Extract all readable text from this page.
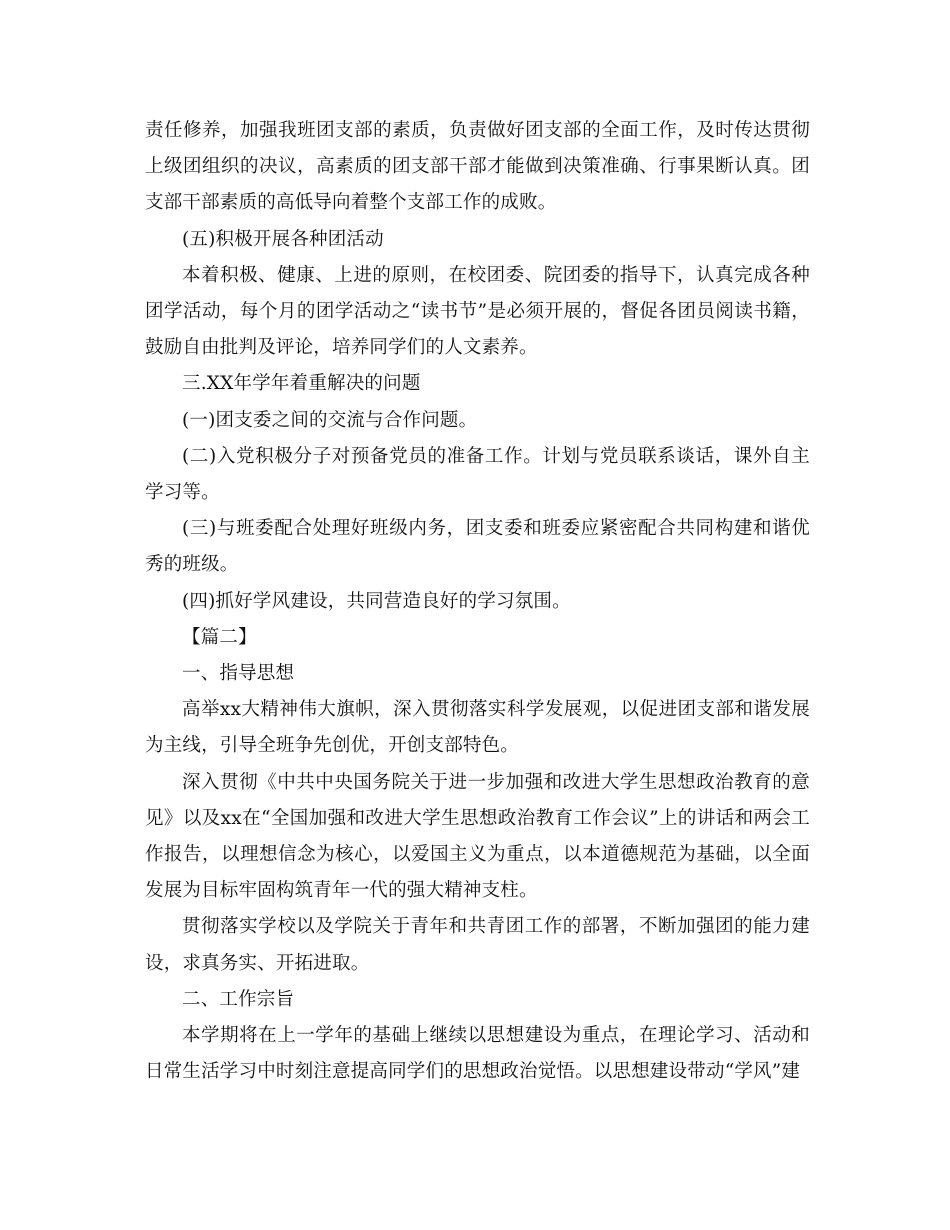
责任修养，加强我班团支部的素质，负责做好团支部的全面工作，及时传达贯彻上级团组织的决议，高素质的团支部干部才能做到决策准确、行事果断认真。团支部干部素质的高低导向着整个支部工作的成败。

(五)积极开展各种团活动

本着积极、健康、上进的原则，在校团委、院团委的指导下，认真完成各种团学活动，每个月的团学活动之“读书节”是必须开展的，督促各团员阅读书籍，鼓励自由批判及评论，培养同学们的人文素养。

三.XX年学年着重解决的问题

(一)团支委之间的交流与合作问题。

(二)入党积极分子对预备党员的准备工作。计划与党员联系谈话，课外自主学习等。

(三)与班委配合处理好班级内务，团支委和班委应紧密配合共同构建和谐优秀的班级。

(四)抓好学风建设，共同营造良好的学习氛围。

【篇二】

一、指导思想

高举xx大精神伟大旗帜，深入贯彻落实科学发展观，以促进团支部和谐发展为主线，引导全班争先创优，开创支部特色。

深入贯彻《中共中央国务院关于进一步加强和改进大学生思想政治教育的意见》以及xx在“全国加强和改进大学生思想政治教育工作会议”上的讲话和两会工作报告，以理想信念为核心，以爱国主义为重点，以本道德规范为基础，以全面发展为目标牢固构筑青年一代的强大精神支柱。

贯彻落实学校以及学院关于青年和共青团工作的部署，不断加强团的能力建设，求真务实、开拓进取。

二、工作宗旨

本学期将在上一学年的基础上继续以思想建设为重点，在理论学习、活动和日常生活学习中时刻注意提高同学们的思想政治觉悟。以思想建设带动“学风”建
